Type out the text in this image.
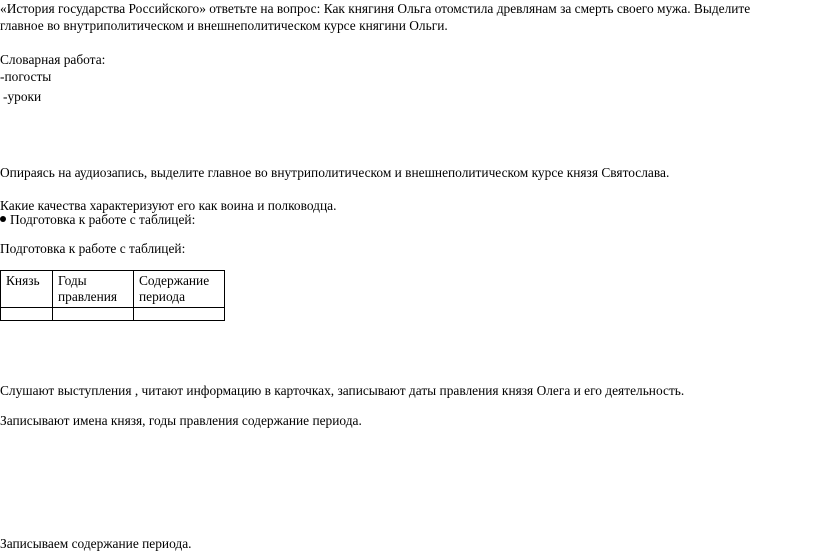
«История государства Российского» ответьте на вопрос: Как княгиня Ольга отомстила древлянам за смерть своего мужа. Выделите
главное во внутриполитическом и внешнеполитическом курсе княгини Ольги.
Словарная работа:
-погосты
-уроки
Опираясь на аудиозапись, выделите главное во внутриполитическом и внешнеполитическом курсе князя Святослава.
Какие качества характеризуют его как воина и полководца.
Подготовка к работе с таблицей:
Подготовка к работе с таблицей:
Князь	Годы правления	Содержание периода

Слушают выступления , читают информацию в карточках, записывают даты правления князя Олега и его деятельность.
Записывают имена князя, годы правления содержание периода.
Записываем содержание периода.
